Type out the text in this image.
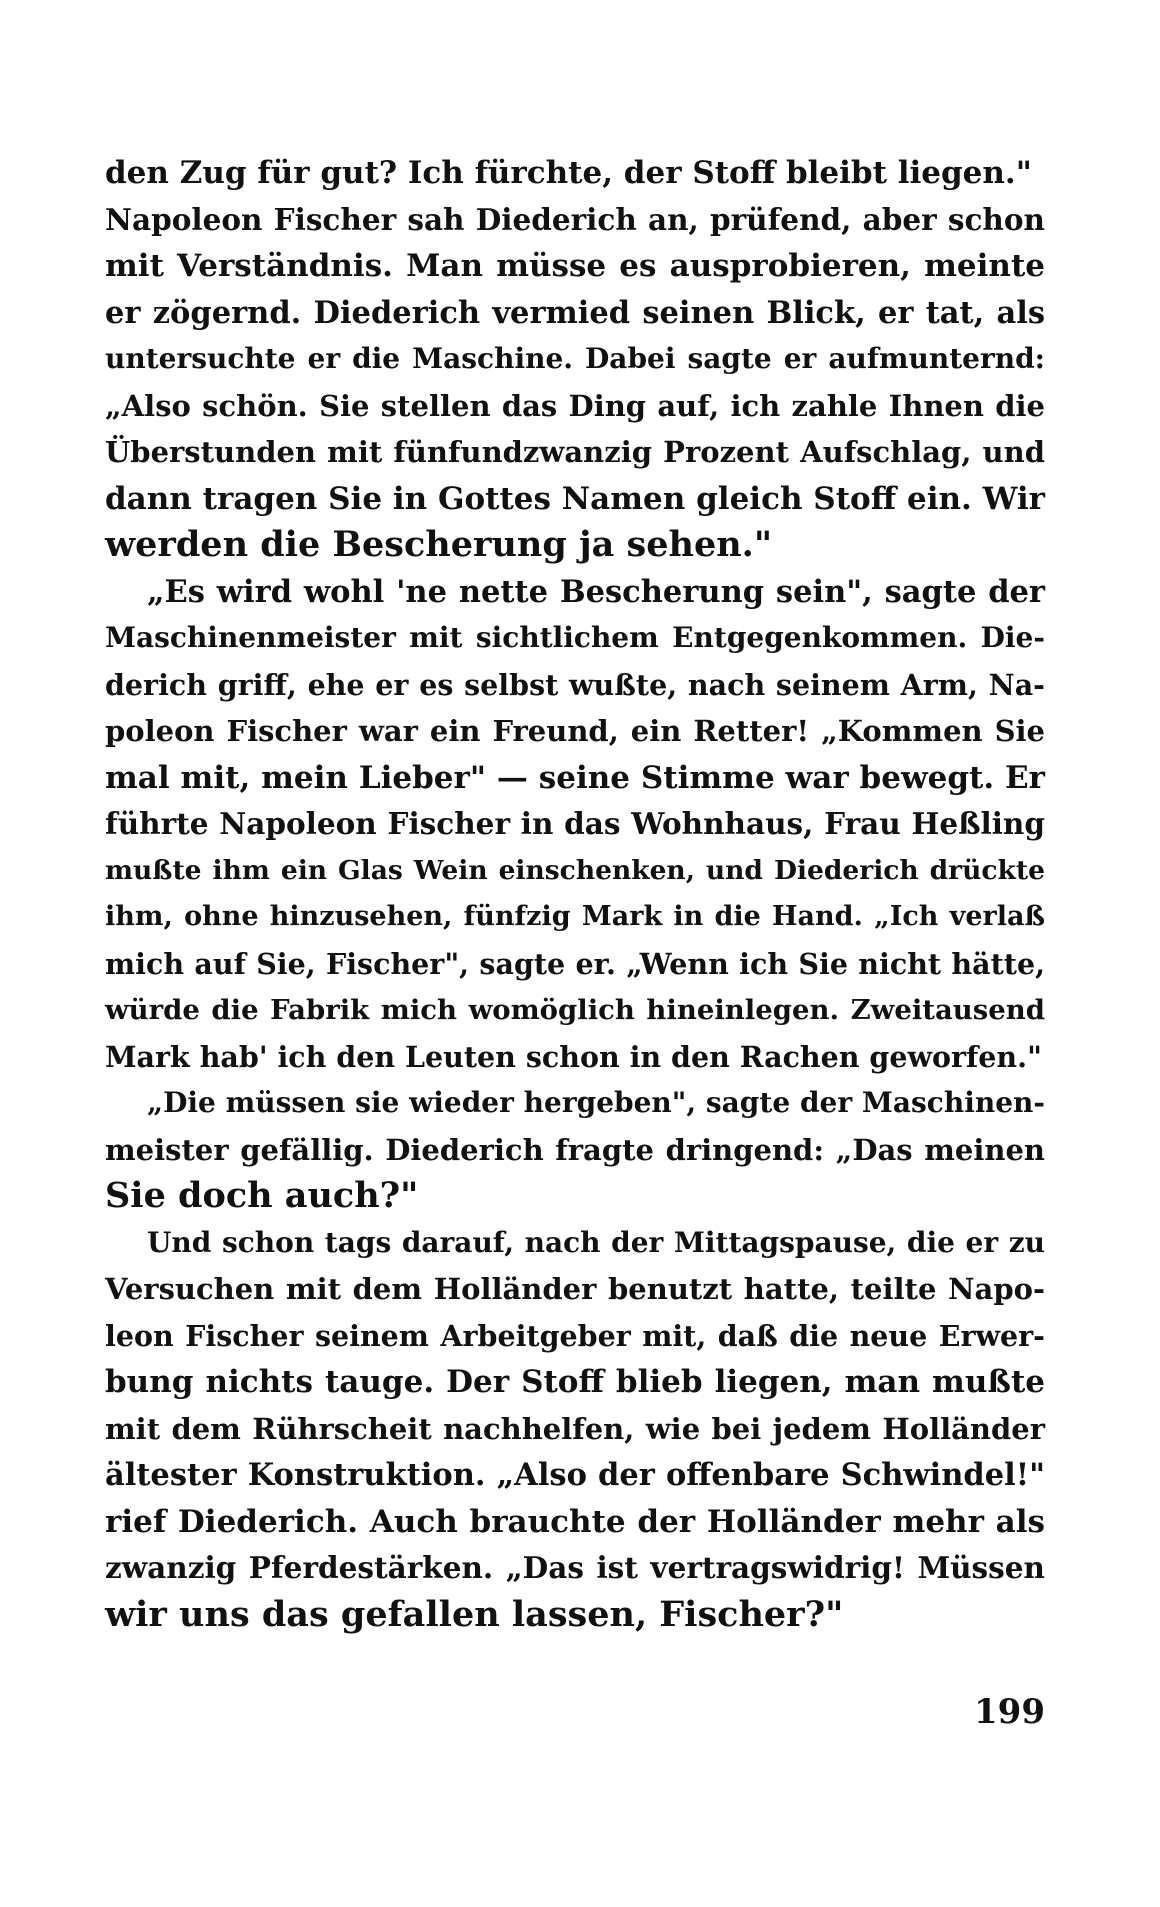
den Zug für gut? Ich fürchte, der Stoff bleibt liegen."
Napoleon Fischer sah Diederich an, prüfend, aber schon
mit Verständnis. Man müsse es ausprobieren, meinte
er zögernd. Diederich vermied seinen Blick, er tat, als
untersuchte er die Maschine. Dabei sagte er aufmunternd:
„Also schön. Sie stellen das Ding auf, ich zahle Ihnen die
Überstunden mit fünfundzwanzig Prozent Aufschlag, und
dann tragen Sie in Gottes Namen gleich Stoff ein. Wir
werden die Bescherung ja sehen."
„Es wird wohl 'ne nette Bescherung sein", sagte der
Maschinenmeister mit sichtlichem Entgegenkommen. Die-
derich griff, ehe er es selbst wußte, nach seinem Arm, Na-
poleon Fischer war ein Freund, ein Retter! „Kommen Sie
mal mit, mein Lieber" — seine Stimme war bewegt. Er
führte Napoleon Fischer in das Wohnhaus, Frau Heßling
mußte ihm ein Glas Wein einschenken, und Diederich drückte
ihm, ohne hinzusehen, fünfzig Mark in die Hand. „Ich verlaß
mich auf Sie, Fischer", sagte er. „Wenn ich Sie nicht hätte,
würde die Fabrik mich womöglich hineinlegen. Zweitausend
Mark hab' ich den Leuten schon in den Rachen geworfen."
„Die müssen sie wieder hergeben", sagte der Maschinen-
meister gefällig. Diederich fragte dringend: „Das meinen
Sie doch auch?"
Und schon tags darauf, nach der Mittagspause, die er zu
Versuchen mit dem Holländer benutzt hatte, teilte Napo-
leon Fischer seinem Arbeitgeber mit, daß die neue Erwer-
bung nichts tauge. Der Stoff blieb liegen, man mußte
mit dem Rührscheit nachhelfen, wie bei jedem Holländer
ältester Konstruktion. „Also der offenbare Schwindel!"
rief Diederich. Auch brauchte der Holländer mehr als
zwanzig Pferdestärken. „Das ist vertragswidrig! Müssen
wir uns das gefallen lassen, Fischer?"
199
